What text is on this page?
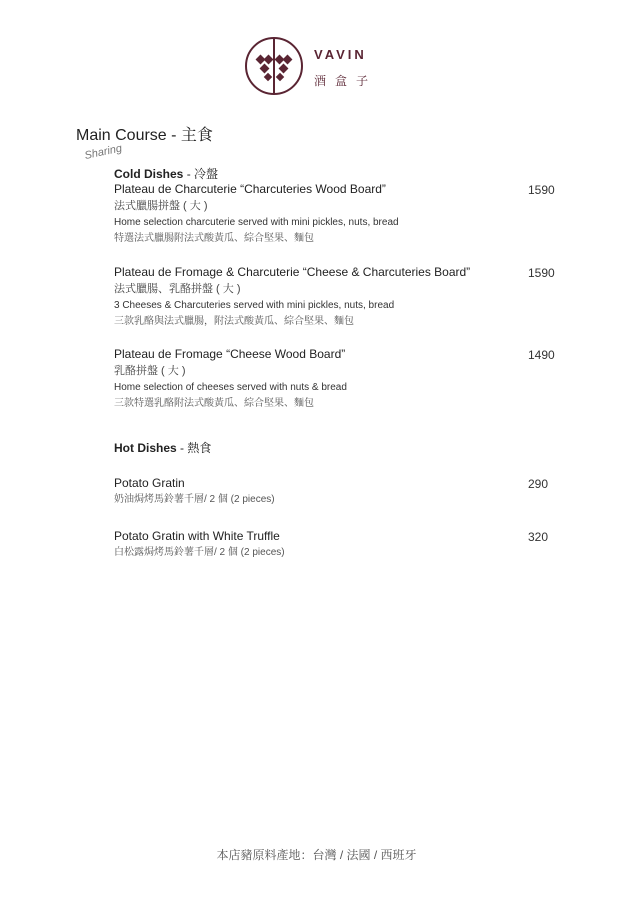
VAVIN
酒盒子
Main Course - 主食
Sharing
Cold Dishes - 冷盤
Plateau de Charcuterie “Charcuteries Wood Board”
法式臘腸拼盤 ( 大 )
Home selection charcuterie served with mini pickles, nuts, bread
特選法式臘腸附法式酸黃瓜、綜合堅果、麵包
1590
Plateau de Fromage & Charcuterie “Cheese & Charcuteries Board”
法式臘腸、乳酪拼盤 ( 大 )
3 Cheeses & Charcuteries served with mini pickles, nuts, bread
三款乳酪與法式臘腸，附法式酸黃瓜、綜合堅果、麵包
1590
Plateau de Fromage “Cheese Wood Board”
乳酪拼盤 ( 大 )
Home selection of cheeses served with nuts & bread
三款特選乳酪附法式酸黃瓜、綜合堅果、麵包
1490
Hot Dishes - 熱食
Potato Gratin
奶油焗烤馬鈴薯千層/ 2 個 (2 pieces)
290
Potato Gratin with White Truffle
白松露焗烤馬鈴薯千層/ 2 個 (2 pieces)
320
本店豬原料產地：台灣 / 法國 / 西班牙
